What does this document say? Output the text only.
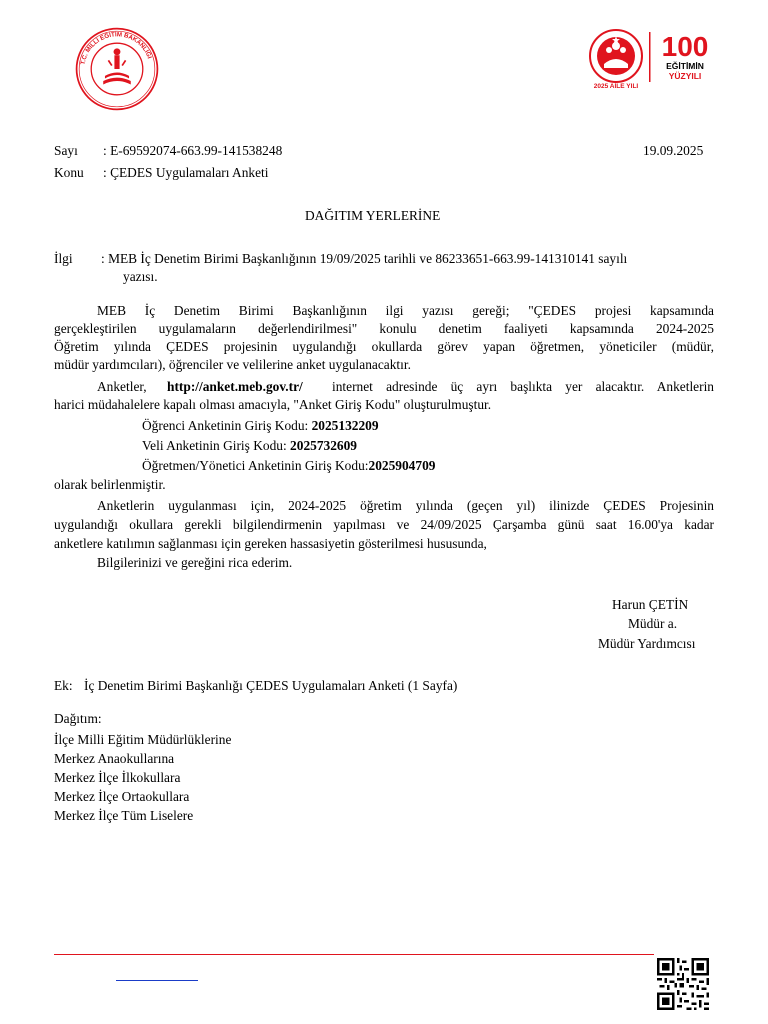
T.C. MİLLÎ EĞİTİM BAKANLIĞI
2025 AİLE YILI
100
EĞİTİMİN
YÜZYILI
Sayı : E-69592074-663.99-141538248	19.09.2025
Konu : ÇEDES Uygulamaları Anketi
DAĞITIM YERLERİNE
İlgi : MEB İç Denetim Birimi Başkanlığının 19/09/2025 tarihli ve 86233651-663.99-141310141 sayılı
yazısı.
MEB İç Denetim Birimi Başkanlığının ilgi yazısı gereği; "ÇEDES projesi kapsamında
gerçekleştirilen uygulamaların değerlendirilmesi" konulu denetim faaliyeti kapsamında 2024-2025
Öğretim yılında ÇEDES projesinin uygulandığı okullarda görev yapan öğretmen, yöneticiler (müdür,
müdür yardımcıları), öğrenciler ve velilerine anket uygulanacaktır.
Anketler, http://anket.meb.gov.tr/ internet adresinde üç ayrı başlıkta yer alacaktır. Anketlerin
harici müdahalelere kapalı olması amacıyla, "Anket Giriş Kodu" oluşturulmuştur.
Öğrenci Anketinin Giriş Kodu: 2025132209
Veli Anketinin Giriş Kodu: 2025732609
Öğretmen/Yönetici Anketinin Giriş Kodu:2025904709
olarak belirlenmiştir.
Anketlerin uygulanması için, 2024-2025 öğretim yılında (geçen yıl) ilinizde ÇEDES Projesinin
uygulandığı okullara gerekli bilgilendirmenin yapılması ve 24/09/2025 Çarşamba günü saat 16.00'ya kadar
anketlere katılımın sağlanması için gereken hassasiyetin gösterilmesi hususunda,
Bilgilerinizi ve gereğini rica ederim.
Harun ÇETİN
Müdür a.
Müdür Yardımcısı
Ek: İç Denetim Birimi Başkanlığı ÇEDES Uygulamaları Anketi (1 Sayfa)
Dağıtım:
İlçe Milli Eğitim Müdürlüklerine
Merkez Anaokullarına
Merkez İlçe İlkokullara
Merkez İlçe Ortaokullara
Merkez İlçe Tüm Liselere
